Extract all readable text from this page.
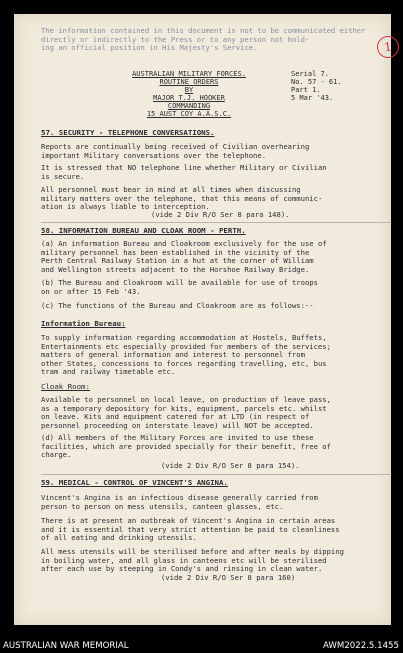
The information contained in this document is not to be communicated either directly or indirectly to the Press or to any person not hold-
ing an official position in His Majesty's Service.	1
AUSTRALIAN MILITARY FORCES.
ROUTINE ORDERS
BY
MAJOR T.J. HOOKER
COMMANDING
15 AUST COY A.A.S.C.
Serial 7.
No. 57 - 61.
Part 1.
5 Mar '43.
57. SECURITY - TELEPHONE CONVERSATIONS.
Reports are continually being received of Civilian overhearing
important Military conversations over the telephone.
It is stressed that NO telephone line whether Military or Civilian
is secure.
All personnel must bear in mind at all times when discussing
military matters over the telephone, that this means of communic-
ation is always liable to interception.
(vide 2 Div R/O Ser 8 para 148).
58. INFORMATION BUREAU AND CLOAK ROOM - PERTH.
(a) An information Bureau and Cloakroom exclusively for the use of
military personnel has been established in the vicinity of the
Perth Central Railway Station in a hut at the corner of William
and Wellington streets adjacent to the Horshoe Railway Bridge.
(b) The Bureau and Cloakroom will be available for use of troops
on or after 15 Feb '43.
(c) The functions of the Bureau and Cloakroom are as follows:--
Information Bureau:
To supply information regarding accommodation at Hostels, Buffets,
Entertainments etc especially provided for members of the services;
matters of general information and interest to personnel from
other States, concessions to forces regarding travelling, etc, bus
tram and railway timetable etc.
Cloak Room:
Available to personnel on local leave, on production of leave pass,
as a temporary depository for kits, equipment, parcels etc. whilst
on leave. Kits and equipment catered for at LTD (in respect of
personnel proceeding on interstate leave) will NOT be accepted.
(d) All members of the Military Forces are invited to use these
facilities, which are provided specially for their benefit, free of
charge.
(vide 2 Div R/O Ser 8 para 154).
59. MEDICAL - CONTROL OF VINCENT'S ANGINA.
Vincent's Angina is an infectious disease generally carried from
person to person on mess utensils, canteen glasses, etc.
There is at present an outbreak of Vincent's Angina in certain areas
and it is essential that very strict attention be paid to cleanliness
of all eating and drinking utensils.
All mess utensils will be sterilised before and after meals by dipping
in boiling water, and all glass in canteens etc will be sterilised
after each use by steeping in Condy's and rinsing in clean water.
(vide 2 Div R/O Ser 8 para 160)
AUSTRALIAN WAR MEMORIAL	AWM2022.5.1455
